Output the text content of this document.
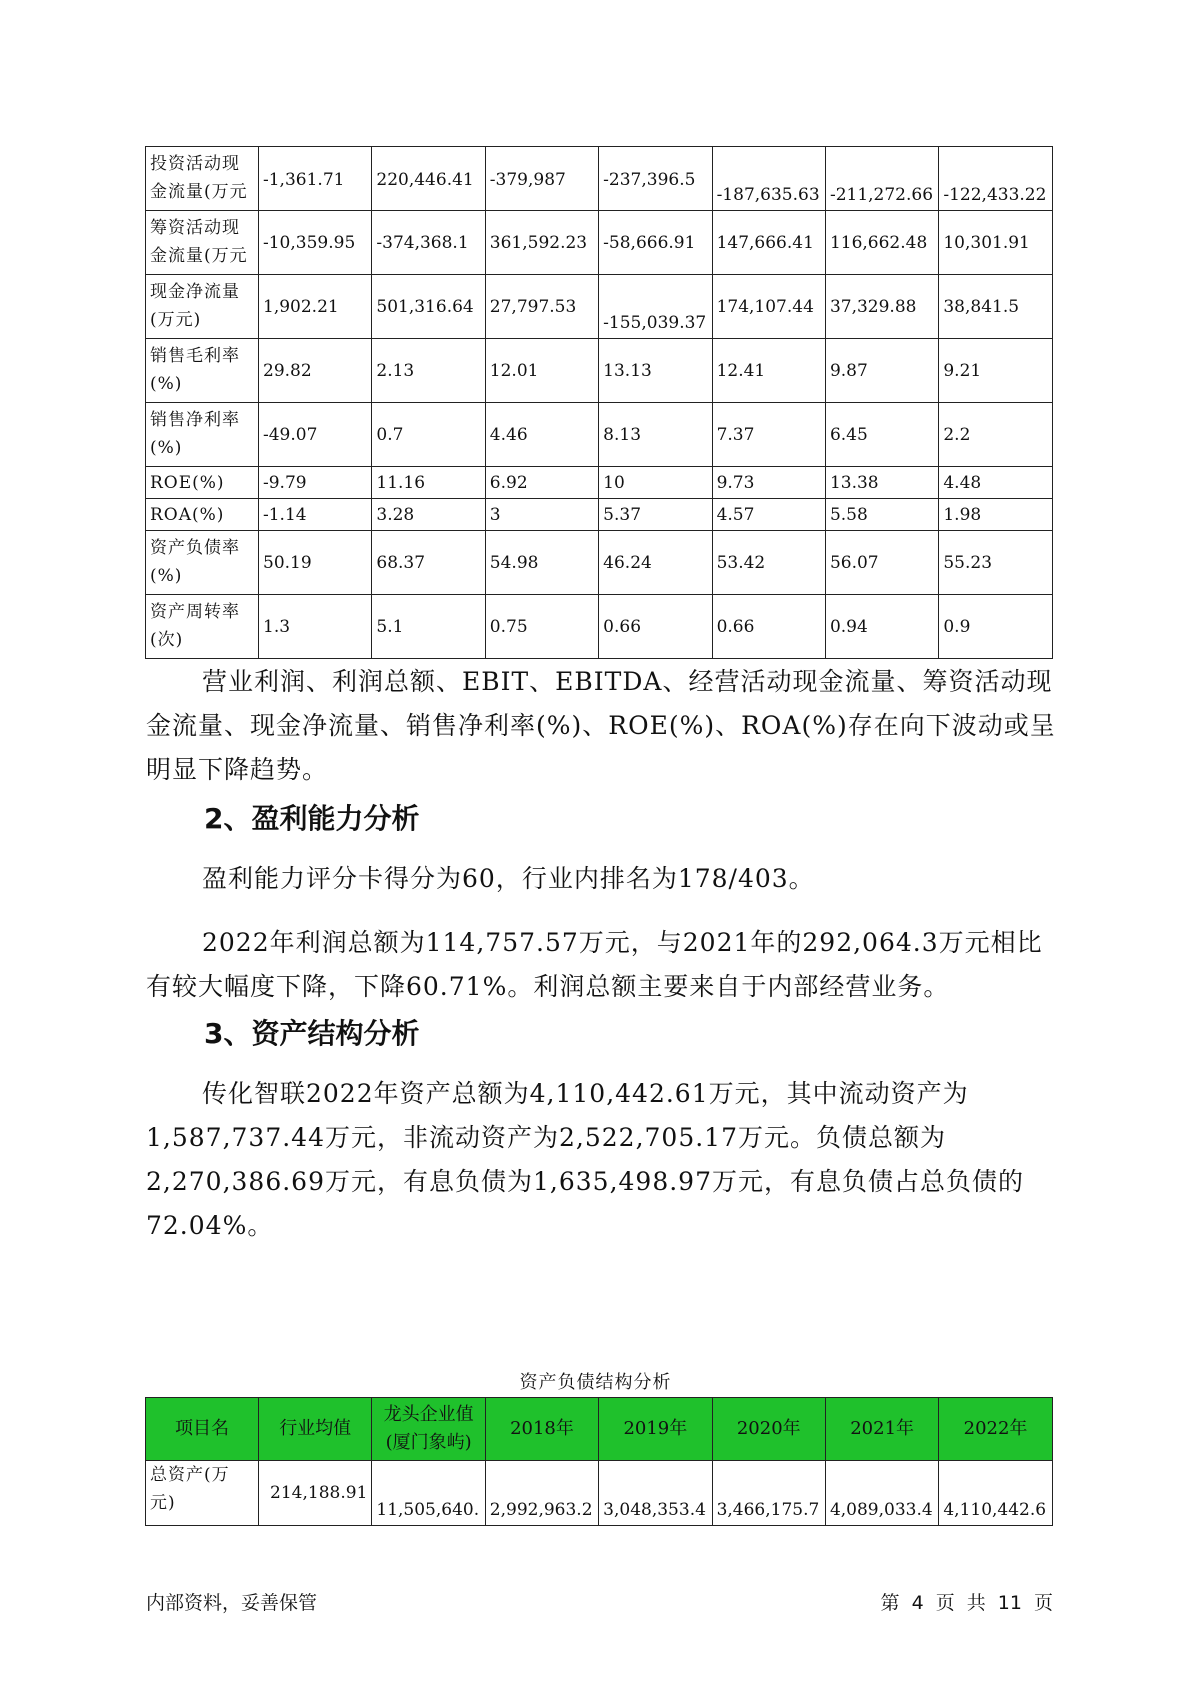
投资活动现金流量(万元	-1,361.71	220,446.41	-379,987	-237,396.5	-187,635.63	-211,272.66	-122,433.22
筹资活动现金流量(万元	-10,359.95	-374,368.1	361,592.23	-58,666.91	147,666.41	116,662.48	10,301.91
现金净流量(万元)	1,902.21	501,316.64	27,797.53	-155,039.37	174,107.44	37,329.88	38,841.5
销售毛利率(%)	29.82	2.13	12.01	13.13	12.41	9.87	9.21
销售净利率(%)	-49.07	0.7	4.46	8.13	7.37	6.45	2.2
ROE(%)	-9.79	11.16	6.92	10	9.73	13.38	4.48
ROA(%)	-1.14	3.28	3	5.37	4.57	5.58	1.98
资产负债率(%)	50.19	68.37	54.98	46.24	53.42	56.07	55.23
资产周转率(次)	1.3	5.1	0.75	0.66	0.66	0.94	0.9

营业利润、利润总额、EBIT、EBITDA、经营活动现金流量、筹资活动现金流量、现金净流量、销售净利率(%)、ROE(%)、ROA(%)存在向下波动或呈明显下降趋势。

2、盈利能力分析

盈利能力评分卡得分为60，行业内排名为178/403。

2022年利润总额为114,757.57万元，与2021年的292,064.3万元相比有较大幅度下降，下降60.71%。利润总额主要来自于内部经营业务。

3、资产结构分析

传化智联2022年资产总额为4,110,442.61万元，其中流动资产为1,587,737.44万元，非流动资产为2,522,705.17万元。负债总额为2,270,386.69万元，有息负债为1,635,498.97万元，有息负债占总负债的72.04%。

资产负债结构分析
项目名	行业均值	龙头企业值(厦门象屿)	2018年	2019年	2020年	2021年	2022年
总资产(万元)	214,188.91	11,505,640.	2,992,963.2	3,048,353.4	3,466,175.7	4,089,033.4	4,110,442.6
内部资料，妥善保管	第 4 页 共 11 页
